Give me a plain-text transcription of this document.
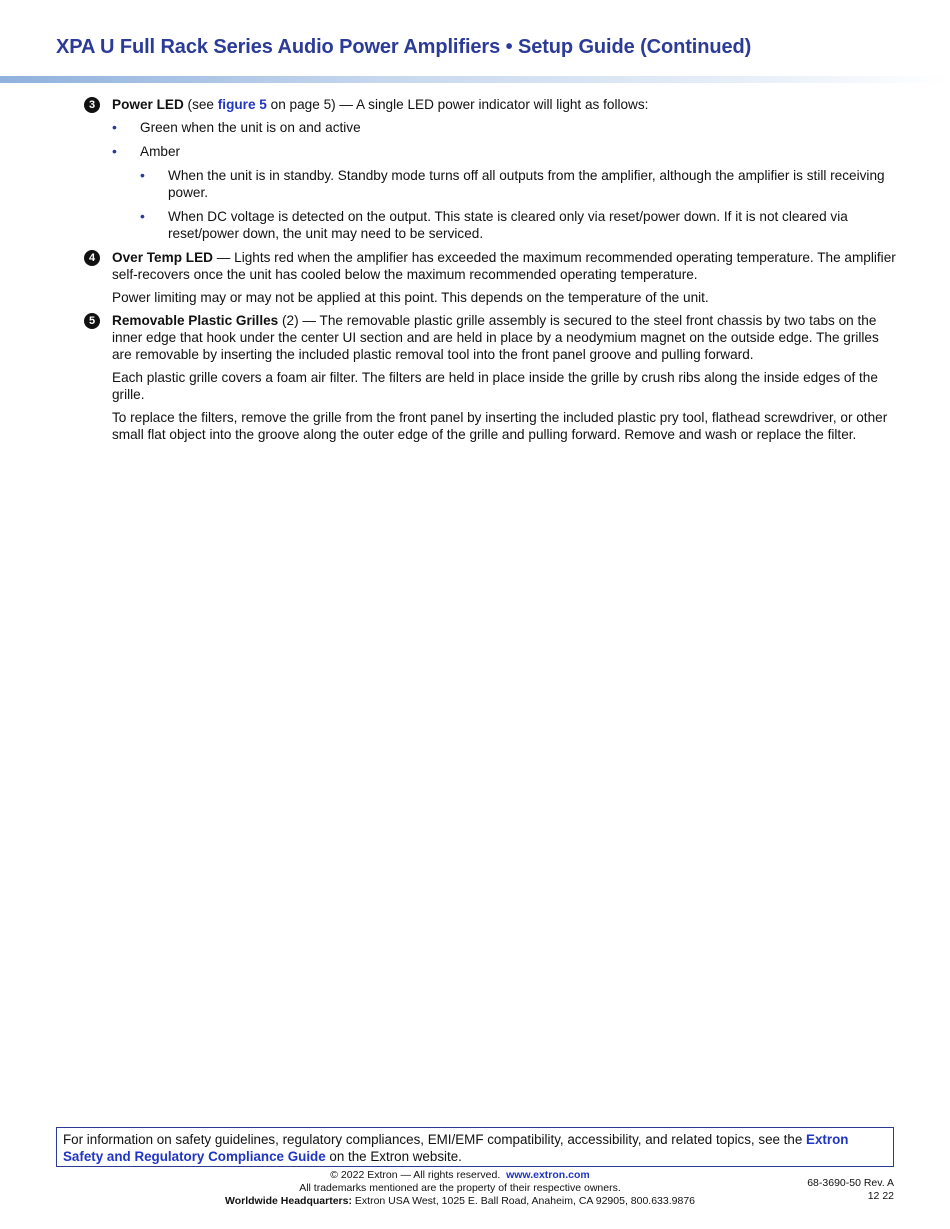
XPA U Full Rack Series Audio Power Amplifiers • Setup Guide (Continued)
3	Power LED (see figure 5 on page 5) — A single LED power indicator will light as follows:

• Green when the unit is on and active
• Amber
• When the unit is in standby. Standby mode turns off all outputs from the amplifier, although the amplifier is still receiving power.
• When DC voltage is detected on the output. This state is cleared only via reset/power down. If it is not cleared via reset/power down, the unit may need to be serviced.
4	Over Temp LED — Lights red when the amplifier has exceeded the maximum recommended operating temperature. The amplifier self-recovers once the unit has cooled below the maximum recommended operating temperature.

Power limiting may or may not be applied at this point. This depends on the temperature of the unit.

5	Removable Plastic Grilles (2) — The removable plastic grille assembly is secured to the steel front chassis by two tabs on the inner edge that hook under the center UI section and are held in place by a neodymium magnet on the outside edge. The grilles are removable by inserting the included plastic removal tool into the front panel groove and pulling forward.

Each plastic grille covers a foam air filter. The filters are held in place inside the grille by crush ribs along the inside edges of the grille.

To replace the filters, remove the grille from the front panel by inserting the included plastic pry tool, flathead screwdriver, or other small flat object into the groove along the outer edge of the grille and pulling forward. Remove and wash or replace the filter.

For information on safety guidelines, regulatory compliances, EMI/EMF compatibility, accessibility, and related topics, see the Extron Safety and Regulatory Compliance Guide on the Extron website.
© 2022 Extron — All rights reserved. www.extron.com
All trademarks mentioned are the property of their respective owners.
Worldwide Headquarters: Extron USA West, 1025 E. Ball Road, Anaheim, CA 92905, 800.633.9876
68-3690-50 Rev. A
12 22
